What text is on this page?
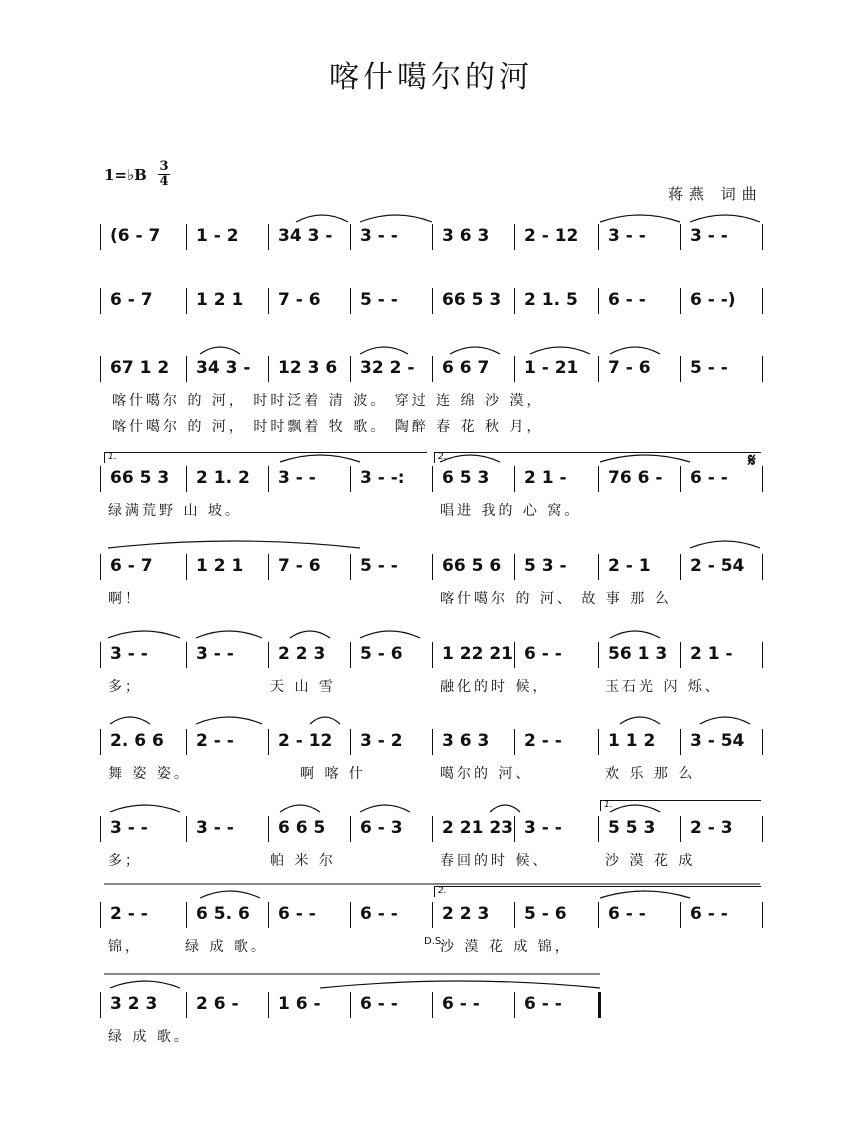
喀什噶尔的河
1=♭B 3
4
蒋燕 词曲
(6 - 7 1 - 2 34 3 - 3 - -	3 6 3 2 - 12 3 - -	3 - -
6 - 7	1 2 1 7 - 6 5 - -	66 5 3 2 1. 5 6 - -	6 - -)
67 1 2 34 3 - 12 3 6 32 2 - 6 6 7 1 - 21 7 - 6 5 - -
喀什噶尔 的 河， 时时泛着 清 波。 穿过 连 绵 沙 漠，
喀什噶尔 的 河， 时时飘着 牧 歌。 陶醉 春 花 秋 月，
66 5 3 2 1. 2 3 - -	3 - -: 6 5 3 2 1 - 76 6 - 6 - -
绿满荒野 山 坡。	唱进 我的 心 窝。
6 - 7	1 2 1 7 - 6 5 - -	66 5 6 5 3 - 2 - 1 2 - 54
啊！	喀什噶尔 的 河、 故 事 那 么
3 - -	3 - -	2 2 3 5 - 6 1 22 21 6 - -	56 1 3 2 1 -
多；	天 山 雪	融化的时 候，	玉石光 闪 烁、
2. 6 6 2 - -	2 - 12 3 - 2 3 6 3 2 - -	1 1 2 3 - 54
舞 姿 姿。	啊 喀 什	噶尔的 河、	欢 乐 那 么
3 - -	3 - -	6 6 5 6 - 3 2 21 23 3 - -	5 5 3 2 - 3
多；	帕 米 尔	春回的时 候、	沙 漠 花 成
2 - -	6 5. 6 6 - -	6 - -	2 2 3 5 - 6 6 - -	6 - -
锦，	绿 成 歌。	沙 漠 花 成 锦，
3 2 3 2 6 - 1 6 - 6 - -	6 - -	6 - -
绿 成 歌。
1.	2.
1.
2.
𝄋
D.S.
